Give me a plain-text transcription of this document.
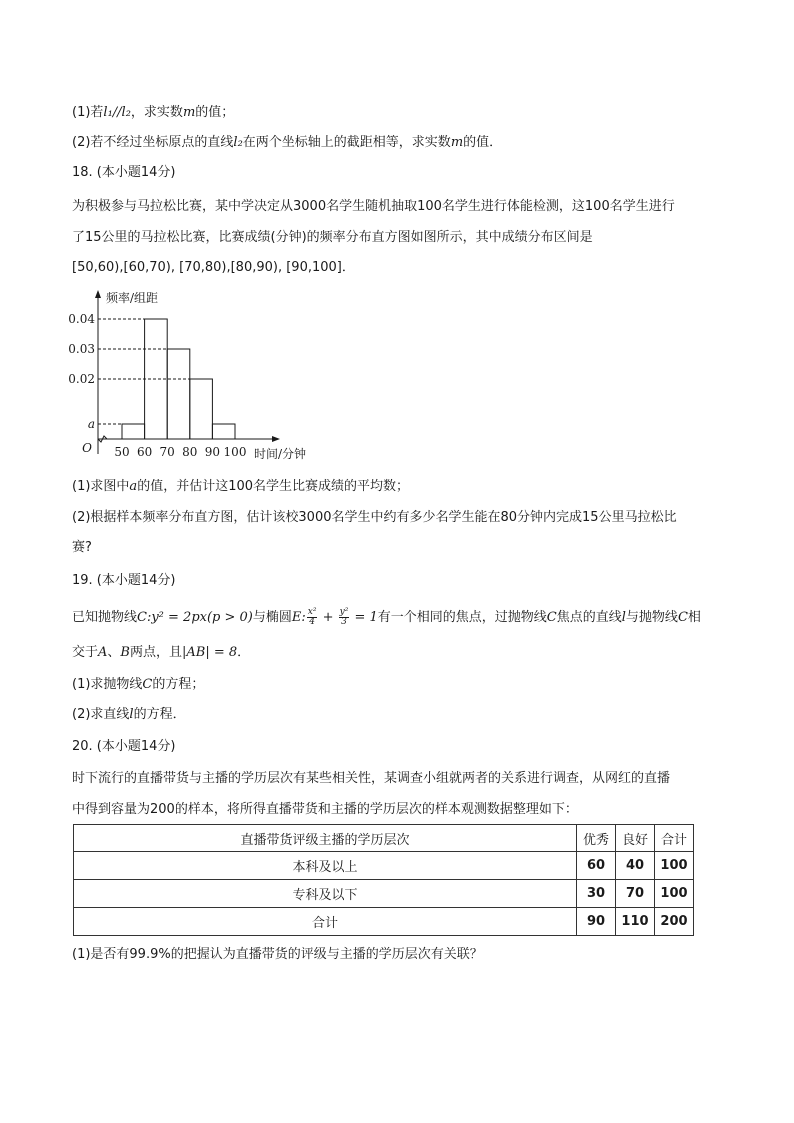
(1)若l₁//l₂，求实数m的值；
(2)若不经过坐标原点的直线l₂在两个坐标轴上的截距相等，求实数m的值．
18. (本小题14分)
为积极参与马拉松比赛，某中学决定从3000名学生随机抽取100名学生进行体能检测，这100名学生进行
了15公里的马拉松比赛，比赛成绩(分钟)的频率分布直方图如图所示，其中成绩分布区间是
[50,60),[60,70), [70,80),[80,90), [90,100]．
a
0.02
0.03
0.04
50 60 70 80 90 100
O
频率/组距
时间/分钟
(1)求图中a的值，并估计这100名学生比赛成绩的平均数；
(2)根据样本频率分布直方图，估计该校3000名学生中约有多少名学生能在80分钟内完成15公里马拉松比
赛?
19. (本小题14分)
已知抛物线C:y² = 2px(p > 0)与椭圆E: $\frac{\text{x²}}{4} + \frac{\text{y²}}{3} = 1$有一个相同的焦点，过抛物线C焦点的直线l与抛物线C相
交于A、B两点，且|AB| = 8．
(1)求抛物线C的方程；
(2)求直线l的方程．
20. (本小题14分)
时下流行的直播带货与主播的学历层次有某些相关性，某调查小组就两者的关系进行调查，从网红的直播
中得到容量为200的样本，将所得直播带货和主播的学历层次的样本观测数据整理如下：
直播带货评级主播的学历层次	优秀	良好	合计
本科及以上	60	40	100
专科及以下	30	70	100
合计	90	110	200
(1)是否有99.9%的把握认为直播带货的评级与主播的学历层次有关联？
